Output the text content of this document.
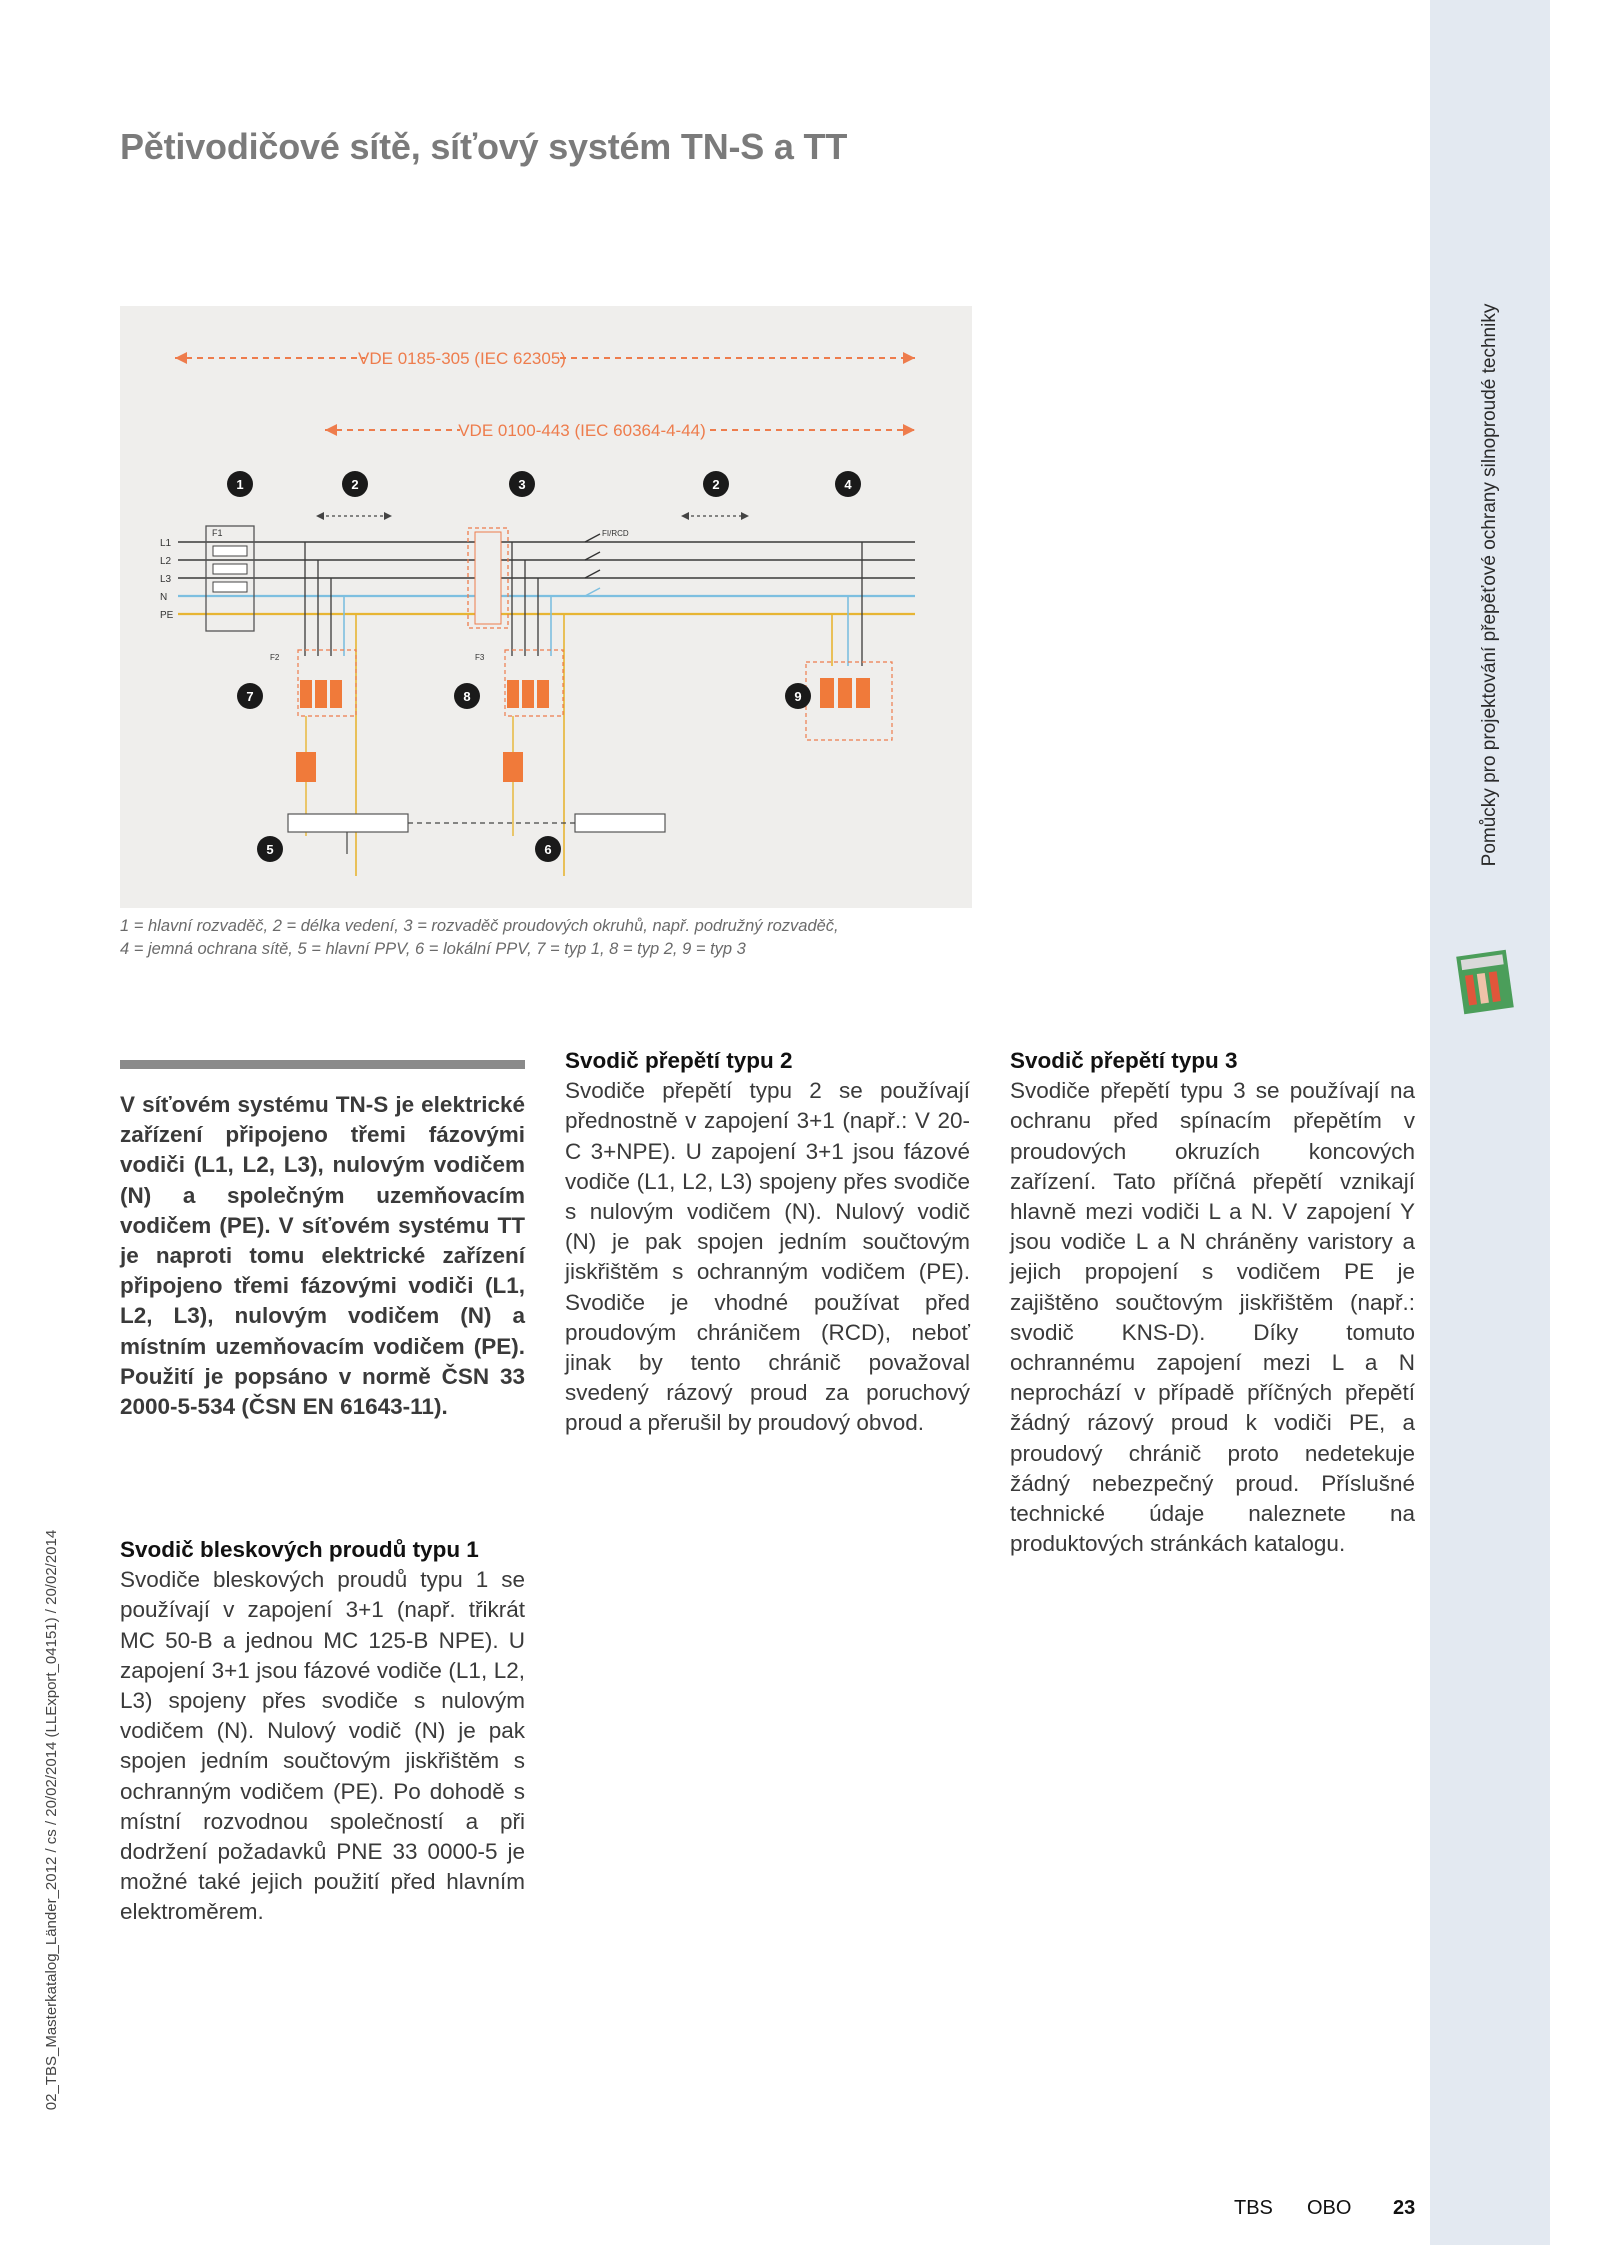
Pomůcky pro projektování přepěťové ochrany silnoproudé techniky
Pětivodičové sítě, síťový systém TN-S a TT
VDE 0185-305 (IEC 62305)
VDE 0100-443 (IEC 60364-4-44)
L1
L2
L3
N
PE
F1	FI/RCD
F2	F3
1	2	3	2	4
7	8	9
5	6
1 = hlavní rozvaděč, 2 = délka vedení, 3 = rozvaděč proudových okruhů, např. podružný rozvaděč,
4 = jemná ochrana sítě, 5 = hlavní PPV, 6 = lokální PPV, 7 = typ 1, 8 = typ 2, 9 = typ 3
V síťovém systému TN-S je elektrické zařízení připojeno třemi fázovými vodiči (L1, L2, L3), nulovým vodičem (N) a společným uzemňovacím vodičem (PE). V síťovém systému TT je naproti tomu elektrické zařízení připojeno třemi fázovými vodiči (L1, L2, L3), nulovým vodičem (N) a místním uzemňovacím vodičem (PE). Použití je popsáno v normě ČSN 33 2000-5-534 (ČSN EN 61643-11).
Svodič bleskových proudů typu 1

Svodiče bleskových proudů typu 1 se používají v zapojení 3+1 (např. třikrát MC 50-B a jednou MC 125-B NPE). U zapojení 3+1 jsou fázové vodiče (L1, L2, L3) spojeny přes svodiče s nulovým vodičem (N). Nulový vodič (N) je pak spojen jedním součtovým jiskřištěm s ochranným vodičem (PE). Po dohodě s místní rozvodnou společností a při dodržení požadavků PNE 33 0000-5 je možné také jejich použití před hlavním elektroměrem.

Svodič přepětí typu 2

Svodiče přepětí typu 2 se používají přednostně v zapojení 3+1 (např.: V 20-C 3+NPE). U zapojení 3+1 jsou fázové vodiče (L1, L2, L3) spojeny přes svodiče s nulovým vodičem (N). Nulový vodič (N) je pak spojen jedním součtovým jiskřištěm s ochranným vodičem (PE). Svodiče je vhodné používat před proudovým chráničem (RCD), neboť jinak by tento chránič považoval svedený rázový proud za poruchový proud a přerušil by proudový obvod.

Svodič přepětí typu 3

Svodiče přepětí typu 3 se používají na ochranu před spínacím přepětím v proudových okruzích koncových zařízení. Tato příčná přepětí vznikají hlavně mezi vodiči L a N. V zapojení Y jsou vodiče L a N chráněny varistory a jejich propojení s vodičem PE je zajištěno součtovým jiskřištěm (např.: svodič KNS-D). Díky tomuto ochrannému zapojení mezi L a N neprochází v případě příčných přepětí žádný rázový proud k vodiči PE, a proudový chránič proto nedetekuje žádný nebezpečný proud. Příslušné technické údaje naleznete na produktových stránkách katalogu.

02_TBS_Masterkatalog_Länder_2012 / cs / 20/02/2014 (LLExport_04151) / 20/02/2014
TBS OBO 23
